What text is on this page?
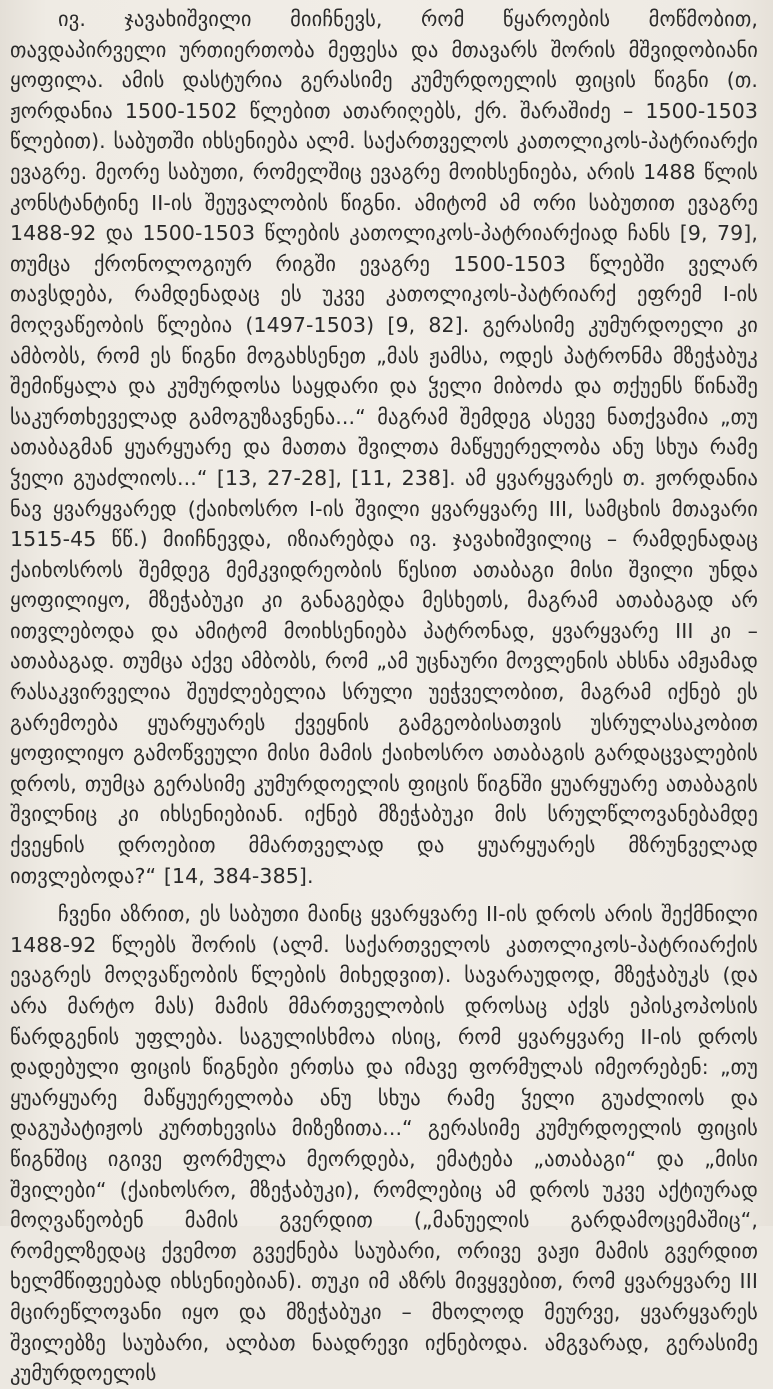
ივ. ჯავახიშვილი მიიჩნევს, რომ წყაროების მოწმობით, თავდაპირველი ურთიერთობა მეფესა და მთავარს შორის მშვიდობიანი ყოფილა. ამის დასტურია გერასიმე კუმურდოელის ფიცის წიგნი (თ. ჟორდანია 1500-1502 წლებით ათარიღებს, ქრ. შარაშიძე – 1500-1503 წლებით). საბუთში იხსენიება ალმ. საქართველოს კათოლიკოს-პატრიარქი ევაგრე. მეორე საბუთი, რომელშიც ევაგრე მოიხსენიება, არის 1488 წლის კონსტანტინე II-ის შეუვალობის წიგნი. ამიტომ ამ ორი საბუთით ევაგრე 1488-92 და 1500-1503 წლების კათოლიკოს-პატრიარქიად ჩანს [9, 79], თუმცა ქრონოლოგიურ რიგში ევაგრე 1500-1503 წლებში ველარ თავსდება, რამდენადაც ეს უკვე კათოლიკოს-პატრიარქ ეფრემ I-ის მოღვაწეობის წლებია (1497-1503) [9, 82]. გერასიმე კუმურდოელი კი ამბობს, რომ ეს წიგნი მოგახსენეთ „მას ჟამსა, ოდეს პატრონმა მზეჭაბუკ შემიწყალა და კუმურდოსა საყდარი და ჴელი მიბოძა და თქუენს წინაშე საკურთხეველად გამოგუზავნენა...“ მაგრამ შემდეგ ასევე ნათქვამია „თუ ათაბაგმან ყუარყუარე და მათთა შვილთა მაწყუერელობა ანუ სხუა რამე ჴელი გუაძლიოს...“ [13, 27-28], [11, 238]. ამ ყვარყვარეს თ. ჟორდანია ნავ ყვარყვარედ (ქაიხოსრო I-ის შვილი ყვარყვარე III, სამცხის მთავარი 1515-45 წწ.) მიიჩნევდა, იზიარებდა ივ. ჯავახიშვილიც – რამდენადაც ქაიხოსროს შემდეგ მემკვიდრეობის წესით ათაბაგი მისი შვილი უნდა ყოფილიყო, მზეჭაბუკი კი განაგებდა მესხეთს, მაგრამ ათაბაგად არ ითვლებოდა და ამიტომ მოიხსენიება პატრონად, ყვარყვარე III კი – ათაბაგად. თუმცა აქვე ამბობს, რომ „ამ უცნაური მოვლენის ახსნა ამჟამად რასაკვირველია შეუძლებელია სრული უეჭველობით, მაგრამ იქნებ ეს გარემოება ყუარყუარეს ქვეყნის გამგეობისათვის უსრულასაკობით ყოფილიყო გამოწვეული მისი მამის ქაიხოსრო ათაბაგის გარდაცვალების დროს, თუმცა გერასიმე კუმურდოელის ფიცის წიგნში ყუარყუარე ათაბაგის შვილნიც კი იხსენიებიან. იქნებ მზეჭაბუკი მის სრულწლოვანებამდე ქვეყნის დროებით მმართველად და ყუარყუარეს მზრუნველად ითვლებოდა?“ [14, 384-385].

ჩვენი აზრით, ეს საბუთი მაინც ყვარყვარე II-ის დროს არის შექმნილი 1488-92 წლებს შორის (ალმ. საქართველოს კათოლიკოს-პატრიარქის ევაგრეს მოღვაწეობის წლების მიხედვით). სავარაუდოდ, მზეჭაბუკს (და არა მარტო მას) მამის მმართველობის დროსაც აქვს ეპისკოპოსის წარდგენის უფლება. საგულისხმოა ისიც, რომ ყვარყვარე II-ის დროს დადებული ფიცის წიგნები ერთსა და იმავე ფორმულას იმეორებენ: „თუ ყუარყუარე მაწყუერელობა ანუ სხუა რამე ჴელი გუაძლიოს და დაგუპატიჟოს კურთხევისა მიზეზითა...“ გერასიმე კუმურდოელის ფიცის წიგნშიც იგივე ფორმულა მეორდება, ემატება „ათაბაგი“ და „მისი შვილები“ (ქაიხოსრო, მზეჭაბუკი), რომლებიც ამ დროს უკვე აქტიურად მოღვაწეობენ მამის გვერდით („მანუელის გარდამოცემაშიც“, რომელზედაც ქვემოთ გვექნება საუბარი, ორივე ვაჟი მამის გვერდით ხელმწიფეებად იხსენიებიან). თუკი იმ აზრს მივყვებით, რომ ყვარყვარე III მცირეწლოვანი იყო და მზეჭაბუკი – მხოლოდ მეურვე, ყვარყვარეს შვილებზე საუბარი, ალბათ ნაადრევი იქნებოდა. ამგვარად, გერასიმე კუმურდოელის
